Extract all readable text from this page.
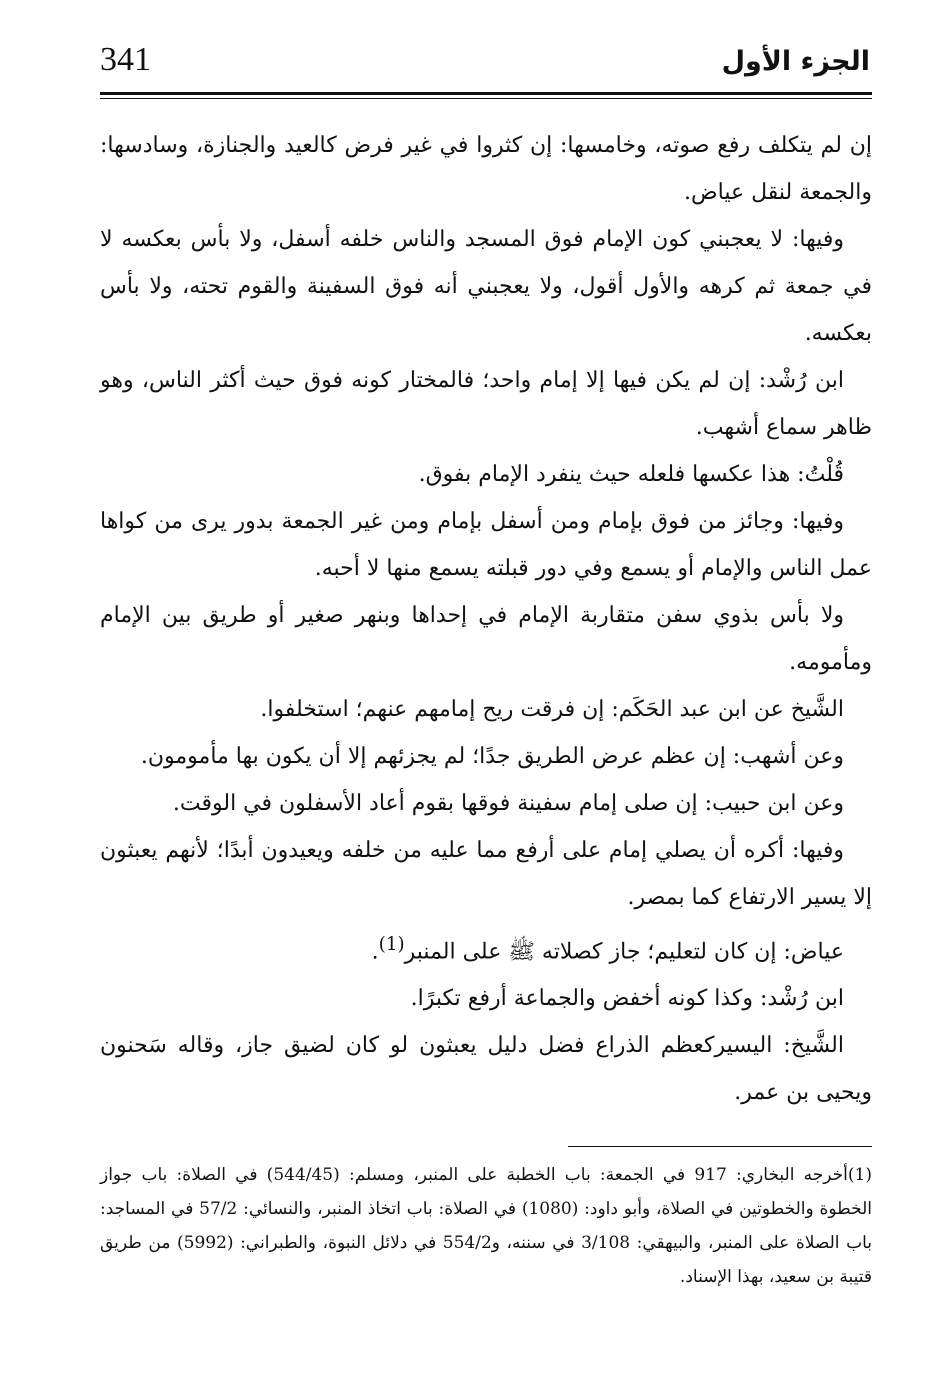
341	الجزء الأول

إن لم يتكلف رفع صوته، وخامسها: إن كثروا في غير فرض كالعيد والجنازة، وسادسها: والجمعة لنقل عياض.

وفيها: لا يعجبني كون الإمام فوق المسجد والناس خلفه أسفل، ولا بأس بعكسه لا في جمعة ثم كرهه والأول أقول، ولا يعجبني أنه فوق السفينة والقوم تحته، ولا بأس بعكسه.

ابن رُشْد: إن لم يكن فيها إلا إمام واحد؛ فالمختار كونه فوق حيث أكثر الناس، وهو ظاهر سماع أشهب.

قُلْتُ: هذا عكسها فلعله حيث ينفرد الإمام بفوق.

وفيها: وجائز من فوق بإمام ومن أسفل بإمام ومن غير الجمعة بدور يرى من كواها عمل الناس والإمام أو يسمع وفي دور قبلته يسمع منها لا أحبه.

ولا بأس بذوي سفن متقاربة الإمام في إحداها وبنهر صغير أو طريق بين الإمام ومأمومه.

الشَّيخ عن ابن عبد الحَكَم: إن فرقت ريح إمامهم عنهم؛ استخلفوا.

وعن أشهب: إن عظم عرض الطريق جدًا؛ لم يجزئهم إلا أن يكون بها مأمومون.

وعن ابن حبيب: إن صلى إمام سفينة فوقها بقوم أعاد الأسفلون في الوقت.

وفيها: أكره أن يصلي إمام على أرفع مما عليه من خلفه ويعيدون أبدًا؛ لأنهم يعبثون إلا يسير الارتفاع كما بمصر.

عياض: إن كان لتعليم؛ جاز كصلاته ﷺ على المنبر$^{(1)}$.

ابن رُشْد: وكذا كونه أخفض والجماعة أرفع تكبرًا.

الشَّيخ: اليسيركعظم الذراع فضل دليل يعبثون لو كان لضيق جاز، وقاله سَحنون ويحيى بن عمر.

(1)أخرجه البخاري: 917 في الجمعة: باب الخطبة على المنبر، ومسلم: (544/45) في الصلاة: باب جواز الخطوة والخطوتين في الصلاة، وأبو داود: (1080) في الصلاة: باب اتخاذ المنبر، والنسائي: 57/2 في المساجد: باب الصلاة على المنبر، والبيهقي: 3/108 في سننه، و554/2 في دلائل النبوة، والطبراني: (5992) من طريق قتيبة بن سعيد، بهذا الإسناد.
